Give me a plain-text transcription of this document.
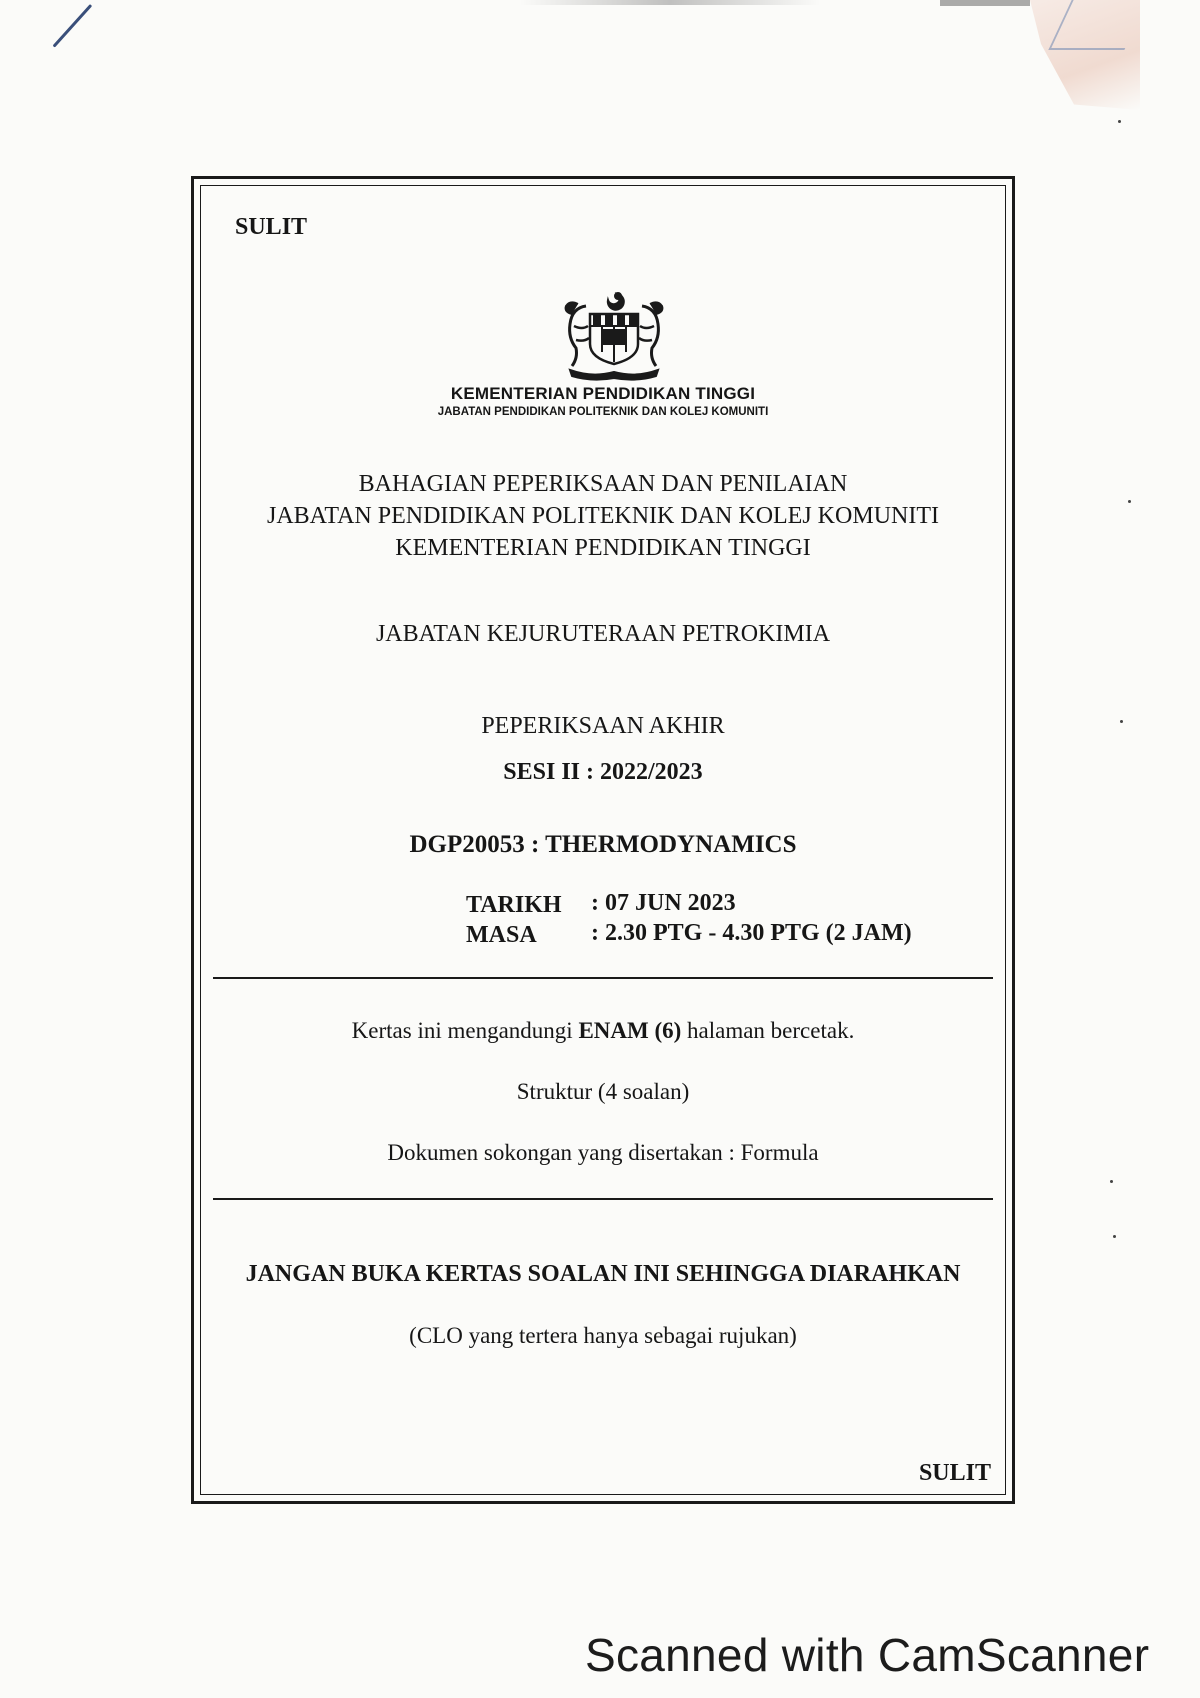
SULIT
KEMENTERIAN PENDIDIKAN TINGGI
JABATAN PENDIDIKAN POLITEKNIK DAN KOLEJ KOMUNITI
BAHAGIAN PEPERIKSAAN DAN PENILAIAN
JABATAN PENDIDIKAN POLITEKNIK DAN KOLEJ KOMUNITI
KEMENTERIAN PENDIDIKAN TINGGI
JABATAN KEJURUTERAAN PETROKIMIA
PEPERIKSAAN AKHIR
SESI II : 2022/2023
DGP20053 : THERMODYNAMICS
TARIKH : 07 JUN 2023
MASA : 2.30 PTG - 4.30 PTG (2 JAM)
Kertas ini mengandungi ENAM (6) halaman bercetak.
Struktur (4 soalan)
Dokumen sokongan yang disertakan : Formula
JANGAN BUKA KERTAS SOALAN INI SEHINGGA DIARAHKAN
(CLO yang tertera hanya sebagai rujukan)
SULIT
Scanned with CamScanner
